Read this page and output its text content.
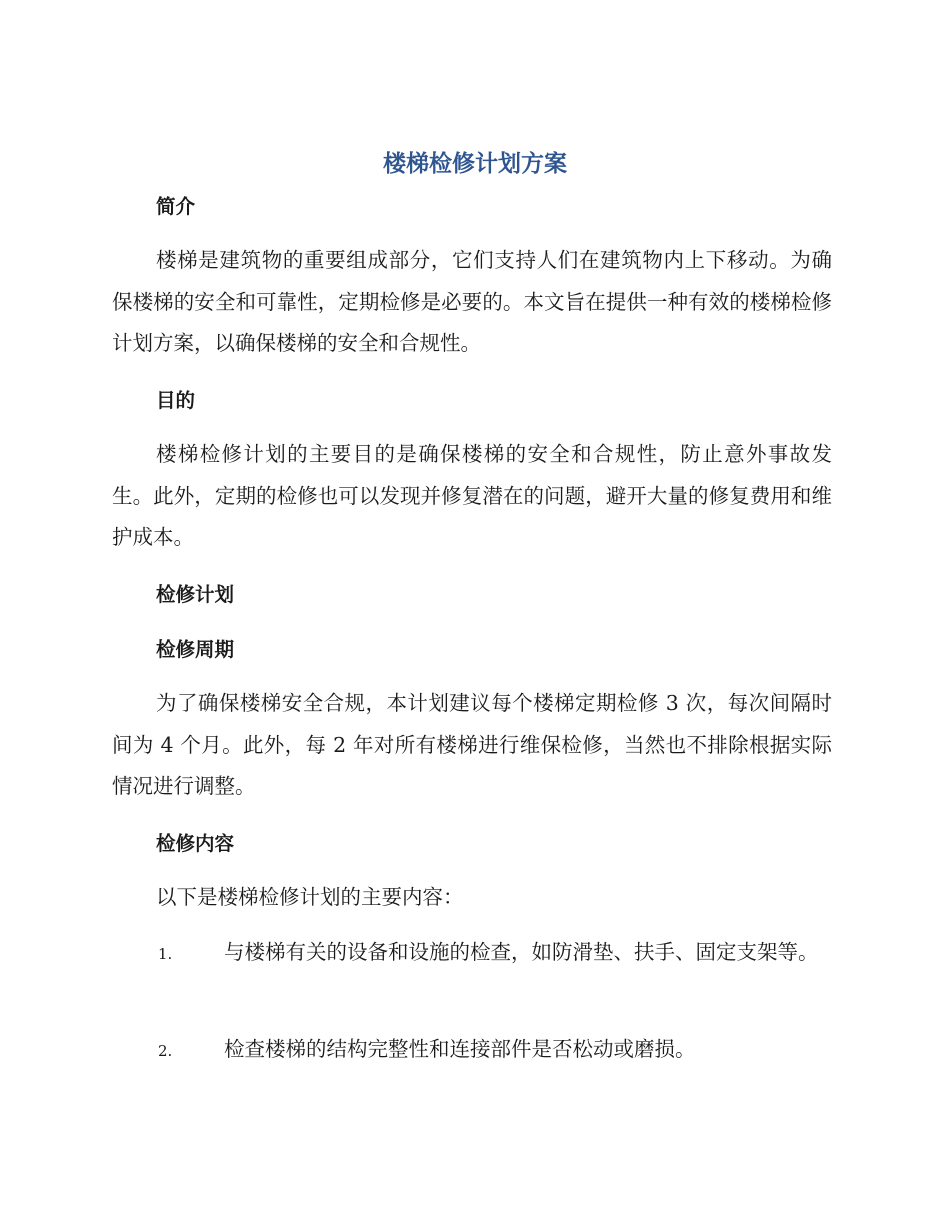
楼梯检修计划方案
简介

楼梯是建筑物的重要组成部分，它们支持人们在建筑物内上下移动。为确保楼梯的安全和可靠性，定期检修是必要的。本文旨在提供一种有效的楼梯检修计划方案，以确保楼梯的安全和合规性。

目的

楼梯检修计划的主要目的是确保楼梯的安全和合规性，防止意外事故发生。此外，定期的检修也可以发现并修复潜在的问题，避开大量的修复费用和维护成本。

检修计划
检修周期

为了确保楼梯安全合规，本计划建议每个楼梯定期检修 3 次，每次间隔时间为 4 个月。此外，每 2 年对所有楼梯进行维保检修，当然也不排除根据实际情况进行调整。

检修内容

以下是楼梯检修计划的主要内容：

1.	与楼梯有关的设备和设施的检查，如防滑垫、扶手、固定支架等。

2.	检查楼梯的结构完整性和连接部件是否松动或磨损。
